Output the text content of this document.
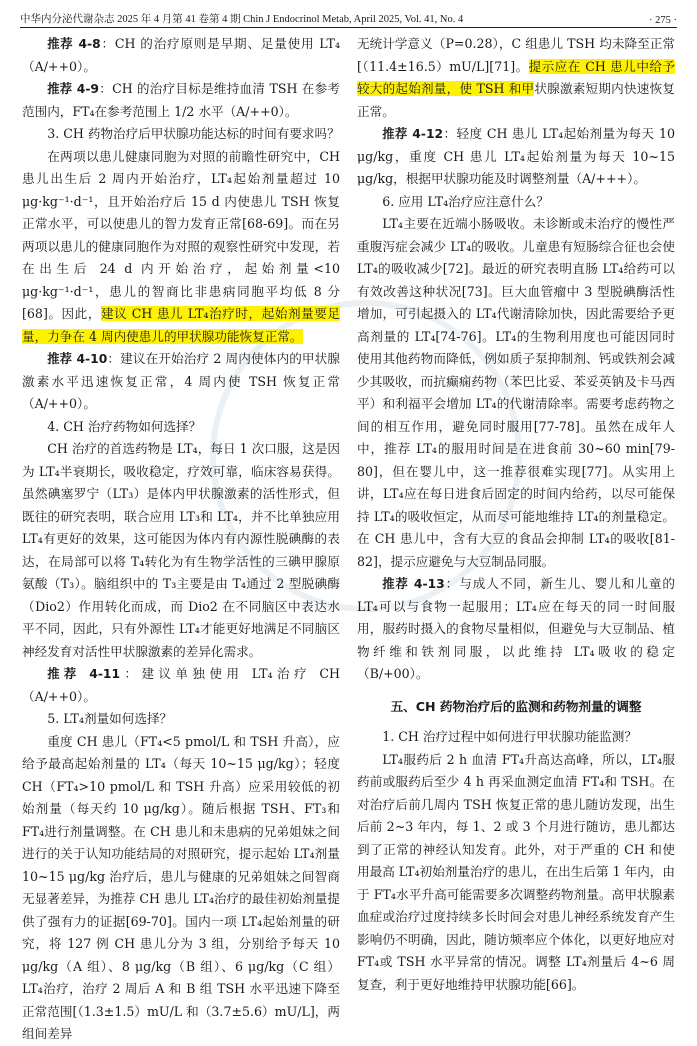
中华内分泌代谢杂志 2025 年 4 月第 41 卷第 4 期 Chin J Endocrinol Metab, April 2025, Vol. 41, No. 4	· 275 ·

推荐 4-8：CH 的治疗原则是早期、足量使用 LT₄（A/++0）。

推荐 4-9：CH 的治疗目标是维持血清 TSH 在参考范围内，FT₄在参考范围上 1/2 水平（A/++0）。

3. CH 药物治疗后甲状腺功能达标的时间有要求吗？

在两项以患儿健康同胞为对照的前瞻性研究中，CH 患儿出生后 2 周内开始治疗，LT₄起始剂量超过 10 μg·kg⁻¹·d⁻¹，且开始治疗后 15 d 内使患儿 TSH 恢复正常水平，可以使患儿的智力发育正常[68-69]。而在另两项以患儿的健康同胞作为对照的观察性研究中发现，若在出生后 24 d 内开始治疗，起始剂量<10 μg·kg⁻¹·d⁻¹，患儿的智商比非患病同胞平均低 8 分[68]。因此，建议 CH 患儿 LT₄治疗时，起始剂量要足量，力争在 4 周内使患儿的甲状腺功能恢复正常。

推荐 4-10：建议在开始治疗 2 周内使体内的甲状腺激素水平迅速恢复正常，4 周内使 TSH 恢复正常（A/++0）。

4. CH 治疗药物如何选择？

CH 治疗的首选药物是 LT₄，每日 1 次口服，这是因为 LT₄半衰期长，吸收稳定，疗效可靠，临床容易获得。虽然碘塞罗宁（LT₃）是体内甲状腺激素的活性形式，但既往的研究表明，联合应用 LT₃和 LT₄，并不比单独应用 LT₄有更好的效果，这可能因为体内有内源性脱碘酶的表达，在局部可以将 T₄转化为有生物学活性的三碘甲腺原氨酸（T₃）。脑组织中的 T₃主要是由 T₄通过 2 型脱碘酶（Dio2）作用转化而成，而 Dio2 在不同脑区中表达水平不同，因此，只有外源性 LT₄才能更好地满足不同脑区神经发育对活性甲状腺激素的差异化需求。

推荐 4-11：建议单独使用 LT₄治疗 CH（A/++0）。

5. LT₄剂量如何选择？

重度 CH 患儿（FT₄<5 pmol/L 和 TSH 升高），应给予最高起始剂量的 LT₄（每天 10~15 μg/kg）；轻度 CH（FT₄>10 pmol/L 和 TSH 升高）应采用较低的初始剂量（每天约 10 μg/kg）。随后根据 TSH、FT₃和 FT₄进行剂量调整。在 CH 患儿和未患病的兄弟姐妹之间进行的关于认知功能结局的对照研究，提示起始 LT₄剂量 10~15 μg/kg 治疗后，患儿与健康的兄弟姐妹之间智商无显著差异，为推荐 CH 患儿 LT₄治疗的最佳初始剂量提供了强有力的证据[69-70]。国内一项 LT₄起始剂量的研究，将 127 例 CH 患儿分为 3 组，分别给予每天 10 μg/kg（A 组）、8 μg/kg（B 组）、6 μg/kg（C 组）LT₄治疗，治疗 2 周后 A 和 B 组 TSH 水平迅速下降至正常范围[（1.3±1.5）mU/L 和（3.7±5.6）mU/L]，两组间差异

无统计学意义（P=0.28），C 组患儿 TSH 均未降至正常[（11.4±16.5）mU/L][71]。提示应在 CH 患儿中给予较大的起始剂量，使 TSH 和甲状腺激素短期内快速恢复正常。

推荐 4-12：轻度 CH 患儿 LT₄起始剂量为每天 10 μg/kg，重度 CH 患儿 LT₄起始剂量为每天 10~15 μg/kg，根据甲状腺功能及时调整剂量（A/+++）。

6. 应用 LT₄治疗应注意什么？

LT₄主要在近端小肠吸收。未诊断或未治疗的慢性严重腹泻症会减少 LT₄的吸收。儿童患有短肠综合征也会使 LT₄的吸收减少[72]。最近的研究表明直肠 LT₄给药可以有效改善这种状况[73]。巨大血管瘤中 3 型脱碘酶活性增加，可引起摄入的 LT₄代谢清除加快，因此需要给予更高剂量的 LT₄[74-76]。LT₄的生物利用度也可能因同时使用其他药物而降低，例如质子泵抑制剂、钙或铁剂会减少其吸收，而抗癫痫药物（苯巴比妥、苯妥英钠及卡马西平）和利福平会增加 LT₄的代谢清除率。需要考虑药物之间的相互作用，避免同时服用[77-78]。虽然在成年人中，推荐 LT₄的服用时间是在进食前 30~60 min[79-80]，但在婴儿中，这一推荐很难实现[77]。从实用上讲，LT₄应在每日进食后固定的时间内给药，以尽可能保持 LT₄的吸收恒定，从而尽可能地维持 LT₄的剂量稳定。在 CH 患儿中，含有大豆的食品会抑制 LT₄的吸收[81-82]，提示应避免与大豆制品同服。

推荐 4-13：与成人不同，新生儿、婴儿和儿童的 LT₄可以与食物一起服用；LT₄应在每天的同一时间服用，服药时摄入的食物尽量相似，但避免与大豆制品、植物纤维和铁剂同服，以此维持 LT₄吸收的稳定（B/+00）。

五、CH 药物治疗后的监测和药物剂量的调整

1. CH 治疗过程中如何进行甲状腺功能监测？

LT₄服药后 2 h 血清 FT₄升高达高峰，所以，LT₄服药前或服药后至少 4 h 再采血测定血清 FT₄和 TSH。在对治疗后前几周内 TSH 恢复正常的患儿随访发现，出生后前 2~3 年内，每 1、2 或 3 个月进行随访，患儿都达到了正常的神经认知发育。此外，对于严重的 CH 和使用最高 LT₄初始剂量治疗的患儿，在出生后第 1 年内，由于 FT₄水平升高可能需要多次调整药物剂量。高甲状腺素血症或治疗过度持续多长时间会对患儿神经系统发育产生影响仍不明确，因此，随访频率应个体化，以更好地应对 FT₄或 TSH 水平异常的情况。调整 LT₄剂量后 4~6 周复查，利于更好地维持甲状腺功能[66]。
